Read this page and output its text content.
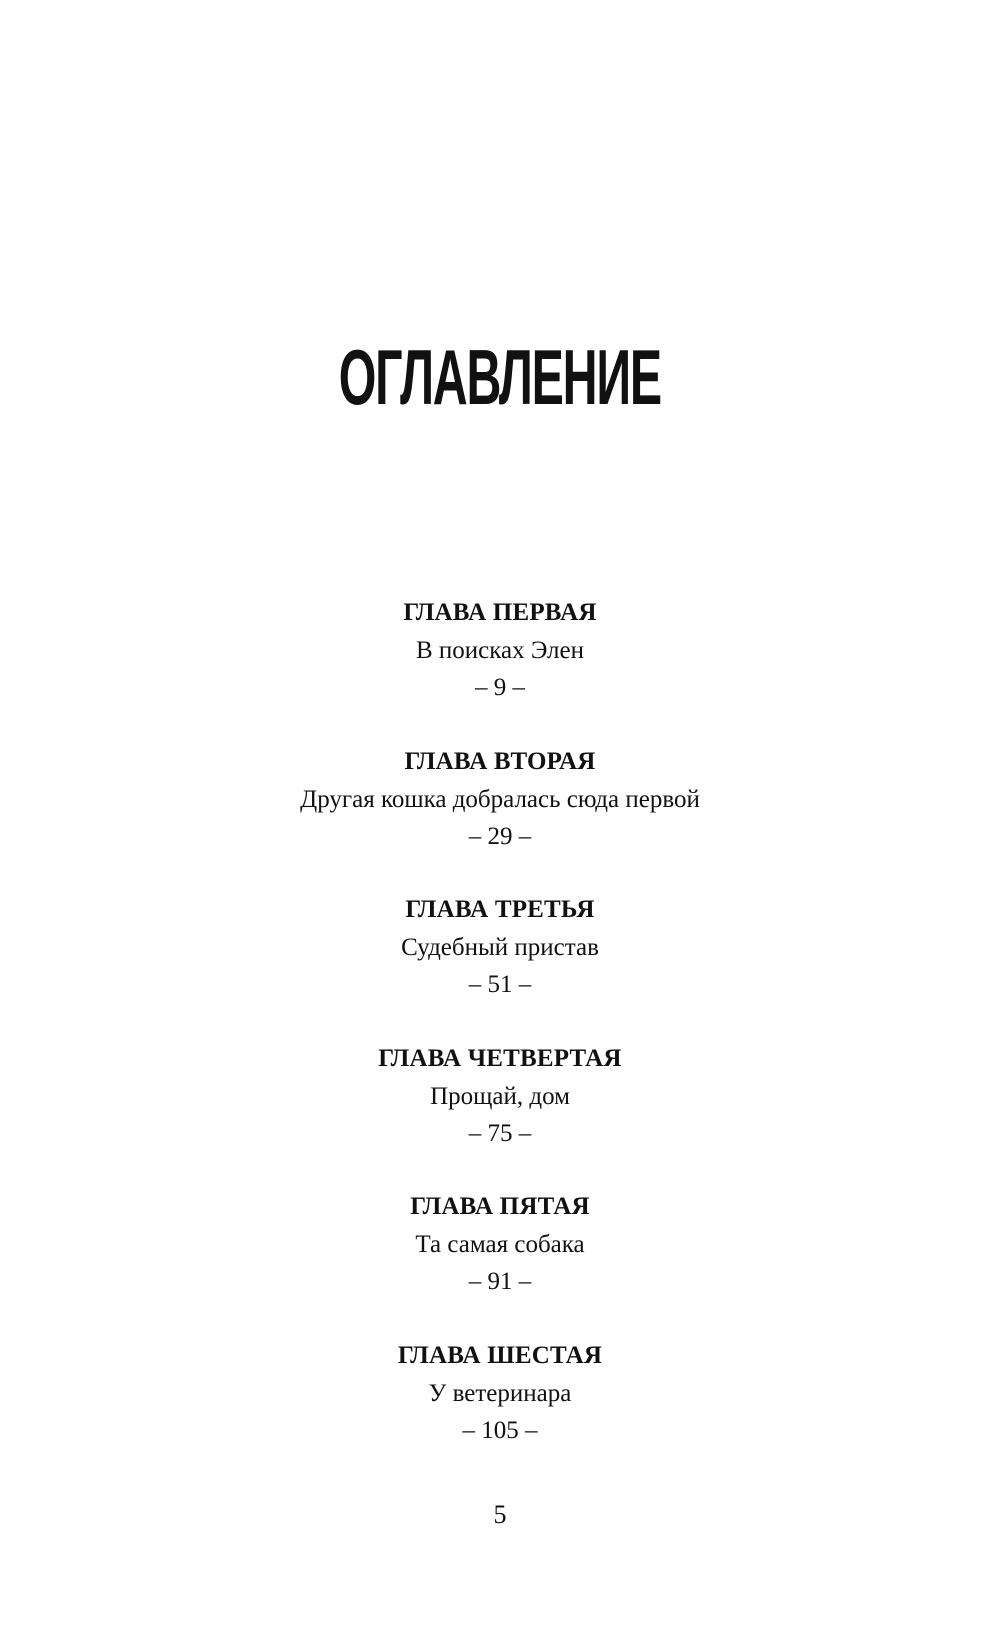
ОГЛАВЛЕНИЕ
ГЛАВА ПЕРВАЯ
В поисках Элен
– 9 –
ГЛАВА ВТОРАЯ
Другая кошка добралась сюда первой
– 29 –
ГЛАВА ТРЕТЬЯ
Судебный пристав
– 51 –
ГЛАВА ЧЕТВЕРТАЯ
Прощай, дом
– 75 –
ГЛАВА ПЯТАЯ
Та самая собака
– 91 –
ГЛАВА ШЕСТАЯ
У ветеринара
– 105 –
5
